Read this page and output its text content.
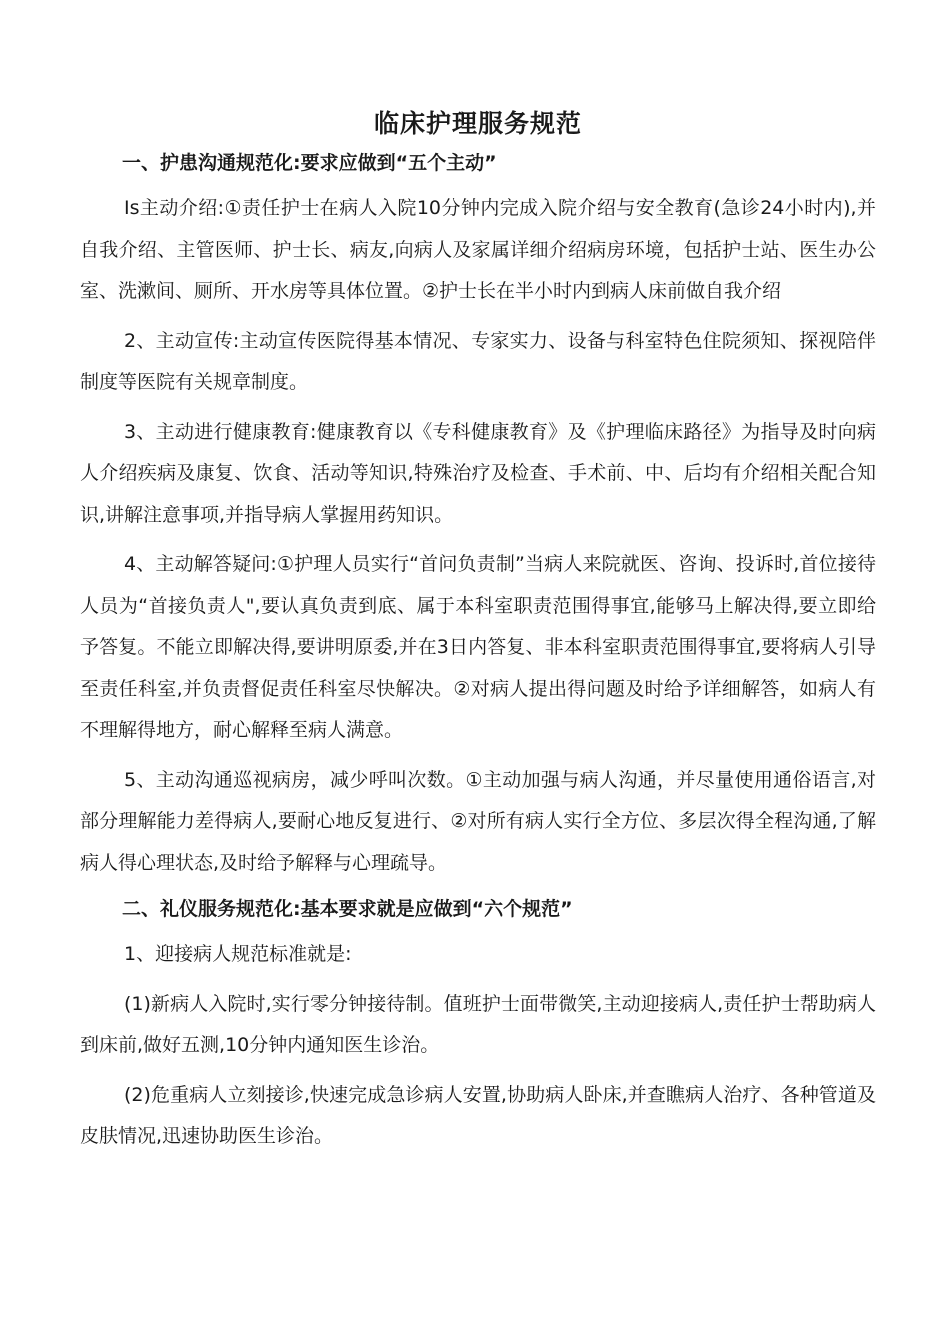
临床护理服务规范
一、护患沟通规范化:要求应做到“五个主动”

Is主动介绍:①责任护士在病人入院10分钟内完成入院介绍与安全教育(急诊24小时内),并自我介绍、主管医师、护士长、病友,向病人及家属详细介绍病房环境，包括护士站、医生办公室、洗漱间、厕所、开水房等具体位置。②护士长在半小时内到病人床前做自我介绍

2、主动宣传:主动宣传医院得基本情况、专家实力、设备与科室特色住院须知、探视陪伴制度等医院有关规章制度。

3、主动进行健康教育:健康教育以《专科健康教育》及《护理临床路径》为指导及时向病人介绍疾病及康复、饮食、活动等知识,特殊治疗及检查、手术前、中、后均有介绍相关配合知识,讲解注意事项,并指导病人掌握用药知识。

4、主动解答疑问:①护理人员实行“首问负责制”当病人来院就医、咨询、投诉时,首位接待人员为“首接负责人",要认真负责到底、属于本科室职责范围得事宜,能够马上解决得,要立即给予答复。不能立即解决得,要讲明原委,并在3日内答复、非本科室职责范围得事宜,要将病人引导至责任科室,并负责督促责任科室尽快解决。②对病人提出得问题及时给予详细解答，如病人有不理解得地方，耐心解释至病人满意。

5、主动沟通巡视病房，减少呼叫次数。①主动加强与病人沟通，并尽量使用通俗语言,对部分理解能力差得病人,要耐心地反复进行、②对所有病人实行全方位、多层次得全程沟通,了解病人得心理状态,及时给予解释与心理疏导。

二、礼仪服务规范化:基本要求就是应做到“六个规范”

1、迎接病人规范标准就是:

(1)新病人入院时,实行零分钟接待制。值班护士面带微笑,主动迎接病人,责任护士帮助病人到床前,做好五测,10分钟内通知医生诊治。

(2)危重病人立刻接诊,快速完成急诊病人安置,协助病人卧床,并查瞧病人治疗、各种管道及皮肤情况,迅速协助医生诊治。
